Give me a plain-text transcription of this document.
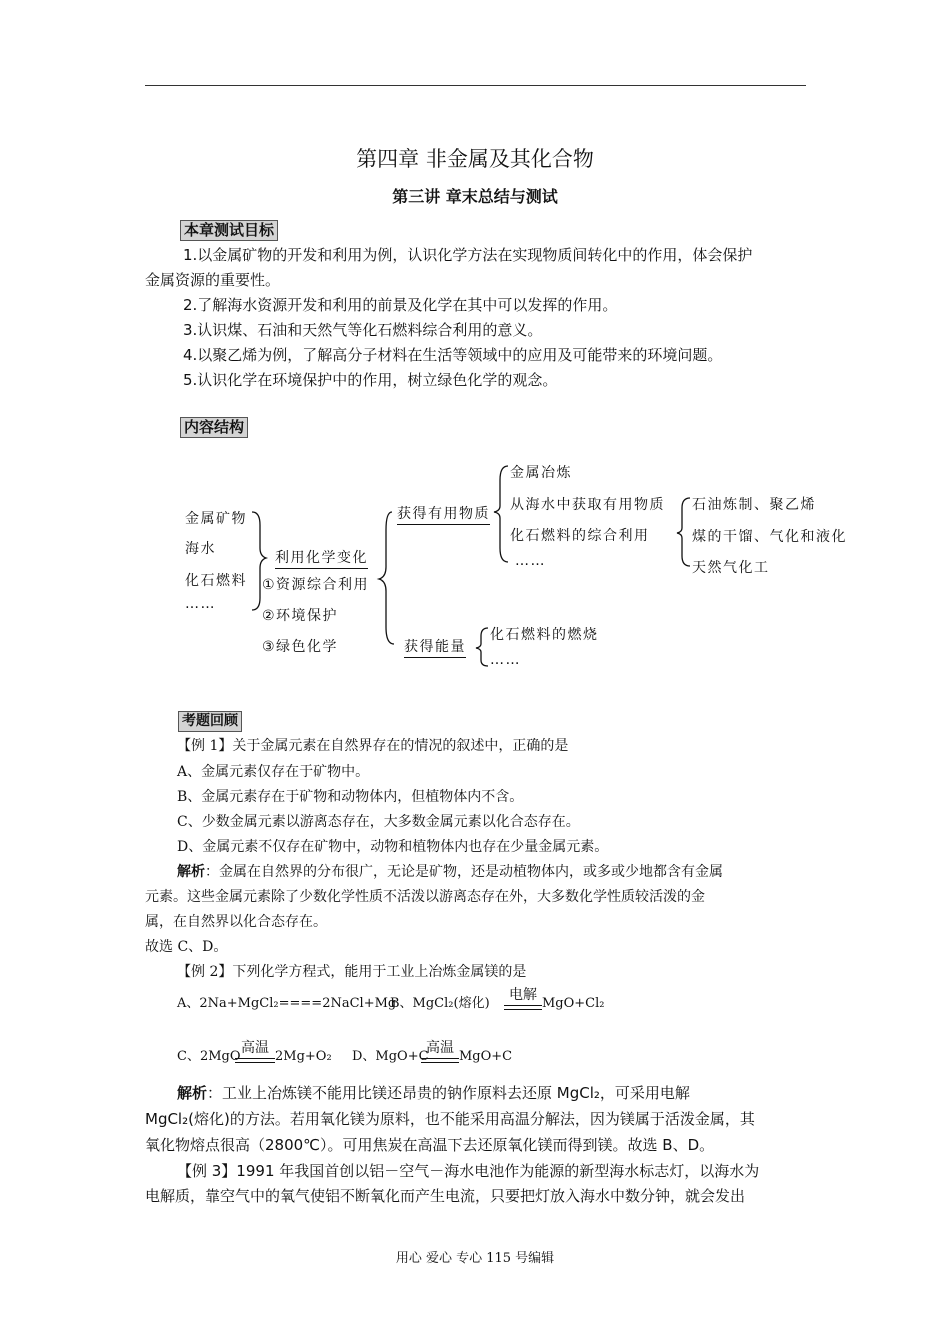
第四章 非金属及其化合物
第三讲 章末总结与测试
本章测试目标
1.以金属矿物的开发和利用为例，认识化学方法在实现物质间转化中的作用，体会保护
金属资源的重要性。
2.了解海水资源开发和利用的前景及化学在其中可以发挥的作用。
3.认识煤、石油和天然气等化石燃料综合利用的意义。
4.以聚乙烯为例，了解高分子材料在生活等领域中的应用及可能带来的环境问题。
5.认识化学在环境保护中的作用，树立绿色化学的观念。
内容结构
金属矿物
海水
化石燃料
……
利用化学变化
①资源综合利用
②环境保护
③绿色化学
获得有用物质
金属冶炼
从海水中获取有用物质
化石燃料的综合利用
……
石油炼制、聚乙烯
煤的干馏、气化和液化
天然气化工
获得能量
化石燃料的燃烧
……
考题回顾
【例 1】关于金属元素在自然界存在的情况的叙述中，正确的是
A、金属元素仅存在于矿物中。
B、金属元素存在于矿物和动物体内，但植物体内不含。
C、少数金属元素以游离态存在，大多数金属元素以化合态存在。
D、金属元素不仅存在矿物中，动物和植物体内也存在少量金属元素。
解析：金属在自然界的分布很广，无论是矿物，还是动植物体内，或多或少地都含有金属
元素。这些金属元素除了少数化学性质不活泼以游离态存在外，大多数化学性质较活泼的金
属，在自然界以化合态存在。
故选 C、D。
【例 2】下列化学方程式，能用于工业上冶炼金属镁的是
A、2Na+MgCl₂====2NaCl+Mg
B、MgCl₂(熔化)
电解
MgO+Cl₂
C、2MgO
高温
2Mg+O₂ D、MgO+C
高温
MgO+C
解析：工业上冶炼镁不能用比镁还昂贵的钠作原料去还原 MgCl₂，可采用电解
MgCl₂(熔化)的方法。若用氧化镁为原料，也不能采用高温分解法，因为镁属于活泼金属，其
氧化物熔点很高（2800℃）。可用焦炭在高温下去还原氧化镁而得到镁。故选 B、D。
【例 3】1991 年我国首创以铝－空气－海水电池作为能源的新型海水标志灯，以海水为
电解质，靠空气中的氧气使铝不断氧化而产生电流，只要把灯放入海水中数分钟，就会发出
用心 爱心 专心 115 号编辑
